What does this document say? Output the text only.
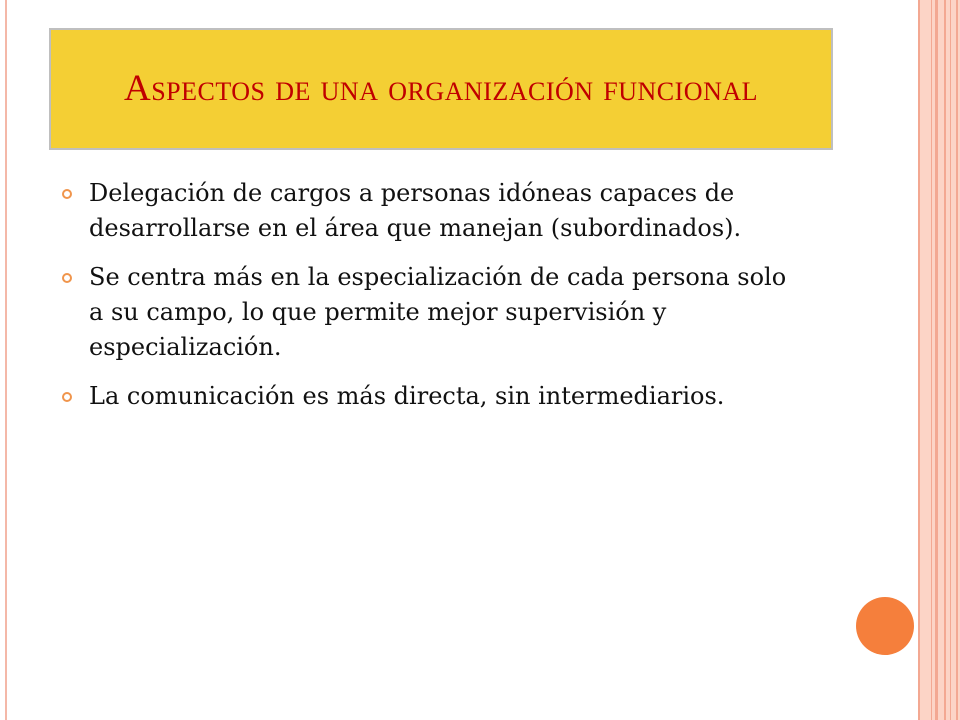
Aspectos de una organización funcional
Delegación de cargos a personas idóneas capaces de desarrollarse en el área que manejan (subordinados).
Se centra más en la especialización de cada persona solo a su campo, lo que permite mejor supervisión y especialización.
La comunicación es más directa, sin intermediarios.
